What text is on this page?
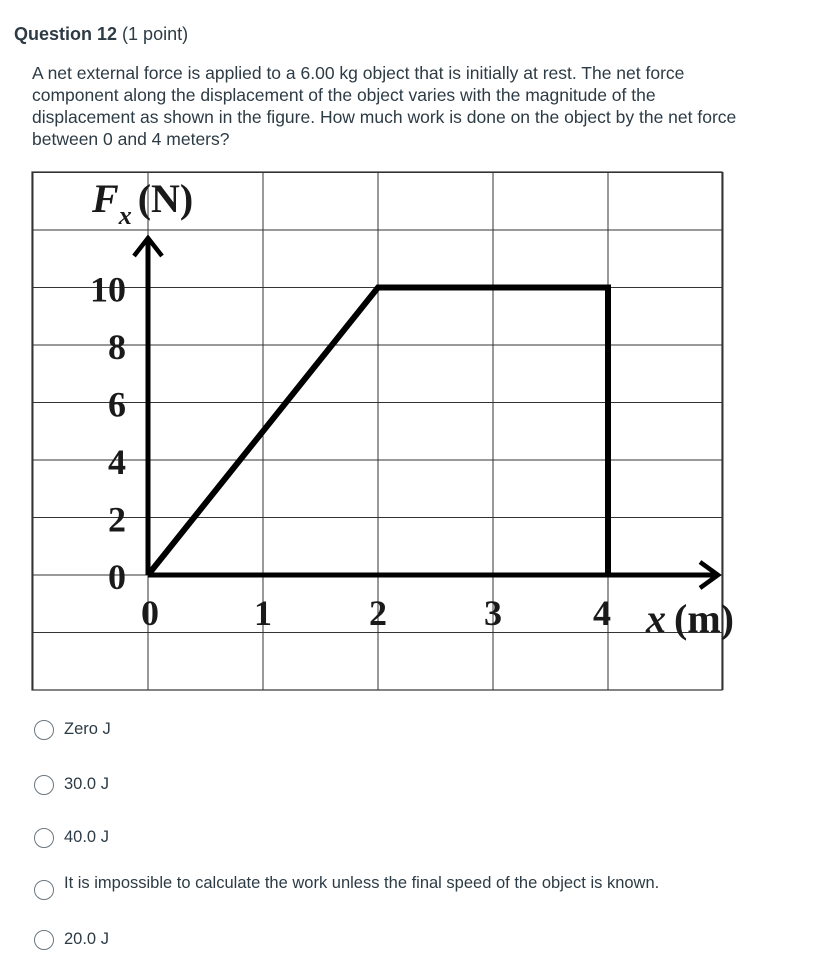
Question 12 (1 point)
A net external force is applied to a 6.00 kg object that is initially at rest. The net force component along the displacement of the object varies with the magnitude of the displacement as shown in the figure. How much work is done on the object by the net force between 0 and 4 meters?
0
2
4
6
8
10
0	1	2	3	4
$F_x$ (N)
x (m)
Zero J
30.0 J
40.0 J
It is impossible to calculate the work unless the final speed of the object is known.
20.0 J
